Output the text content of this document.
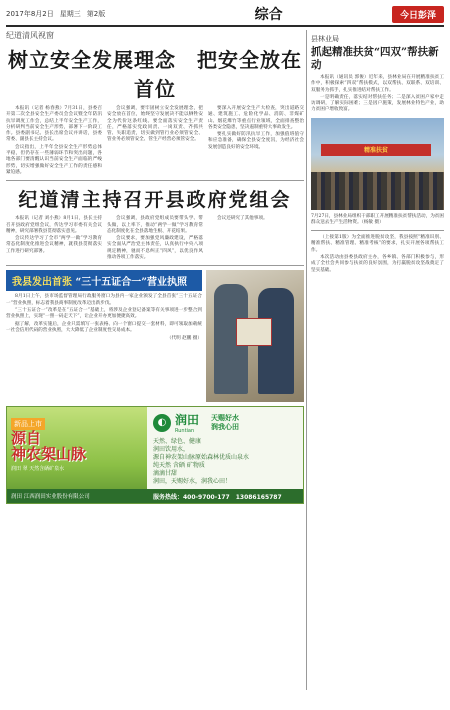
2017年8月2日 星期三 第2版	综合	今日彭泽
纪道清风视窗
树立安全发展理念　把安全放在首位

本报讯（记者 杨春燕）7月31日，县委召开第二次全县安全生产委员会会议暨全年防汛抗旱调度工作会，总结上半年安全生产工作，分析研判当前安全生产形势，部署下一阶段工作。县委副书记、县长出席会议并讲话，县委常委、副县长主持会议。

会议指出，上半年全县安全生产形势总体平稳，但仍存在一些薄弱环节和突出问题，各地各部门要清醒认识当前安全生产面临的严峻形势，切实增强做好安全生产工作的责任感和紧迫感。

会议强调，要牢固树立安全发展理念，把安全放在首位，始终坚守发展决不能以牺牲安全为代价这条红线。要全面落实安全生产责任，严格落实党政同责、一岗双责、齐抓共管、失职追责，切实做到管行业必须管安全、管业务必须管安全、管生产经营必须管安全。

要深入开展安全生产大检查，突出道路交通、建筑施工、危险化学品、消防、非煤矿山、烟花爆竹等重点行业领域，全面排查整治各类安全隐患，坚决遏制重特大事故发生。

要扎实做好防汛抗旱工作，加强值班值守和应急准备，确保全县安全度汛，为经济社会发展创造良好的安全环境。

纪道清主持召开县政府党组会

本报讯（记者 刘小燕）8月1日，县长主持召开县政府党组会议，传达学习市委有关会议精神，研究部署我县贯彻落实意见。

会议传达学习了全市“两学一做”学习教育常态化制度化推进会议精神，就我县贯彻落实工作进行研究部署。

会议强调，县政府党组成员要带头学、带头做，以上率下，推动“两学一做”学习教育常态化制度化在全县落地生根、开花结果。

会议要求，要加强党风廉政建设，严格落实全面从严治党主体责任，认真执行中央八项规定精神，驰而不息纠正“四风”，以优良作风推动各项工作落实。

会议还研究了其他事项。

我县发出首张 “三十五证合一”营业执照

8月1日上午，县市场监督管理局行政服务窗口为县内一家企业颁发了全县首张“三十五证合一”营业执照，标志着我县商事制度改革迈出新步伐。

“三十五证合一”改革是在“五证合一”基础上，将涉及企业登记备案等有关事项进一步整合到营业执照上，实现“一照一码走天下”，让企业开办更加便捷高效。

据了解，改革实施后，企业只需填写一张表格、向一个窗口提交一套材料，即可领取加载统一社会信用代码的营业执照，大大降低了企业制度性交易成本。

（代明 赵鹏 摄）
新品上市
源自
神农架山脉
润田 翠 天然含硒矿泉水
润田 江西润田实业股份有限公司
◐ 润田
Runtian
天赐好水
润我心田
天然、绿色、健康
润田饮用水，
源自神农架山脉原始森林优质山泉水
纯天然 含硒 矿物质
滴滴甘甜
润田，天赐好水，润我心田！
服务热线：400-9700-177　13086165787
县林业局
抓起精准扶贫“四双”帮扶新动

本报讯（通讯员 郭俊）近年来，县林业局在开展精准扶贫工作中，积极探索“四双”帮扶模式，以双帮扶、双联系、双培训、双服务为抓手，扎实推进结对帮扶工作。

一是明确责任，落实结对帮扶任务；二是深入贫困户家中走访调研，了解实际困难；三是因户施策，发展林业特色产业，助力贫困户增收致富。

精准扶贫
7月27日，县林业局组织干部职工开展精准扶贫帮扶活动，为贫困群众送去生产生活物资。（杨敏 摄）

（上接第1版）为全面推进脱贫攻坚，我县按照“精准识别、精准帮扶、精准管理、精准考核”的要求，扎实开展各项帮扶工作。

本次活动由县委县政府主办，各乡镇、各部门积极参与，形成了全社会共同参与扶贫的良好氛围，为打赢脱贫攻坚战奠定了坚实基础。
